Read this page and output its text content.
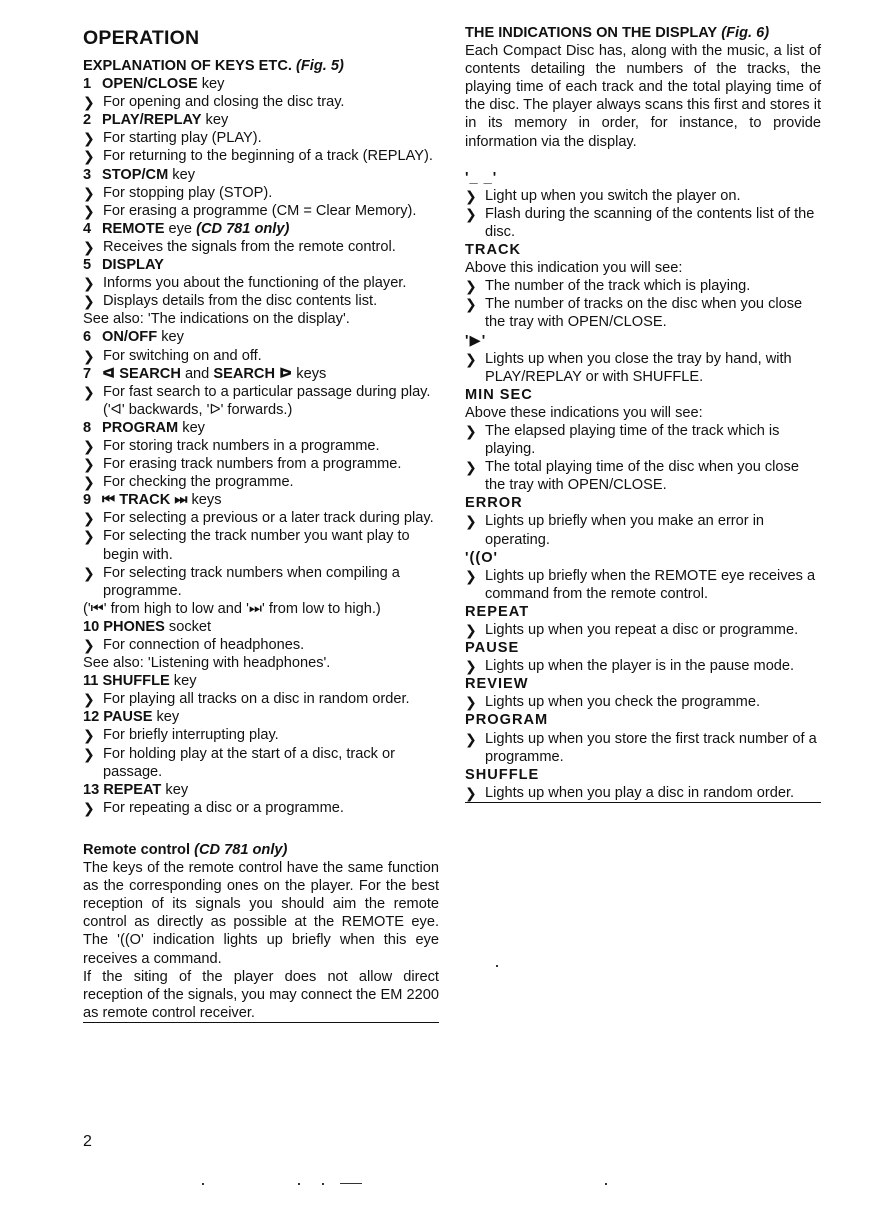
OPERATION
EXPLANATION OF KEYS ETC. (Fig. 5)
1 OPEN/CLOSE key
❯ For opening and closing the disc tray.
2 PLAY/REPLAY key
❯ For starting play (PLAY).
❯ For returning to the beginning of a track (REPLAY).
3 STOP/CM key
❯ For stopping play (STOP).
❯ For erasing a programme (CM = Clear Memory).
4 REMOTE eye (CD 781 only)
❯ Receives the signals from the remote control.
5 DISPLAY
❯ Informs you about the functioning of the player.
❯ Displays details from the disc contents list.
See also: 'The indications on the display'.
6 ON/OFF key
❯ For switching on and off.
7 ᐊ SEARCH and SEARCH ᐅ keys
❯ For fast search to a particular passage during play. ('ᐊ' backwards, 'ᐅ' forwards.)
8 PROGRAM key
❯ For storing track numbers in a programme.
❯ For erasing track numbers from a programme.
❯ For checking the programme.
9 ⏮ TRACK ⏭ keys
❯ For selecting a previous or a later track during play.
❯ For selecting the track number you want play to begin with.
❯ For selecting track numbers when compiling a programme.
('⏮' from high to low and '⏭' from low to high.)
10 PHONES socket
❯ For connection of headphones.
See also: 'Listening with headphones'.
11 SHUFFLE key
❯ For playing all tracks on a disc in random order.
12 PAUSE key
❯ For briefly interrupting play.
❯ For holding play at the start of a disc, track or passage.
13 REPEAT key
❯ For repeating a disc or a programme.
Remote control (CD 781 only)
The keys of the remote control have the same function as the corresponding ones on the player. For the best reception of its signals you should aim the remote control as directly as possible at the REMOTE eye. The '((O' indication lights up briefly when this eye receives a command.
If the siting of the player does not allow direct reception of the signals, you may connect the EM 2200 as remote control receiver.
THE INDICATIONS ON THE DISPLAY (Fig. 6)
Each Compact Disc has, along with the music, a list of contents detailing the numbers of the tracks, the playing time of each track and the total playing time of the disc. The player always scans this first and stores it in its memory in order, for instance, to provide information via the display.
'_ _'
❯ Light up when you switch the player on.
❯ Flash during the scanning of the contents list of the disc.
TRACK
Above this indication you will see:
❯ The number of the track which is playing.
❯ The number of tracks on the disc when you close the tray with OPEN/CLOSE.
'▶'
❯ Lights up when you close the tray by hand, with PLAY/REPLAY or with SHUFFLE.
MIN SEC
Above these indications you will see:
❯ The elapsed playing time of the track which is playing.
❯ The total playing time of the disc when you close the tray with OPEN/CLOSE.
ERROR
❯ Lights up briefly when you make an error in operating.
'((O'
❯ Lights up briefly when the REMOTE eye receives a command from the remote control.
REPEAT
❯ Lights up when you repeat a disc or programme.
PAUSE
❯ Lights up when the player is in the pause mode.
REVIEW
❯ Lights up when you check the programme.
PROGRAM
❯ Lights up when you store the first track number of a programme.
SHUFFLE
❯ Lights up when you play a disc in random order.
2
